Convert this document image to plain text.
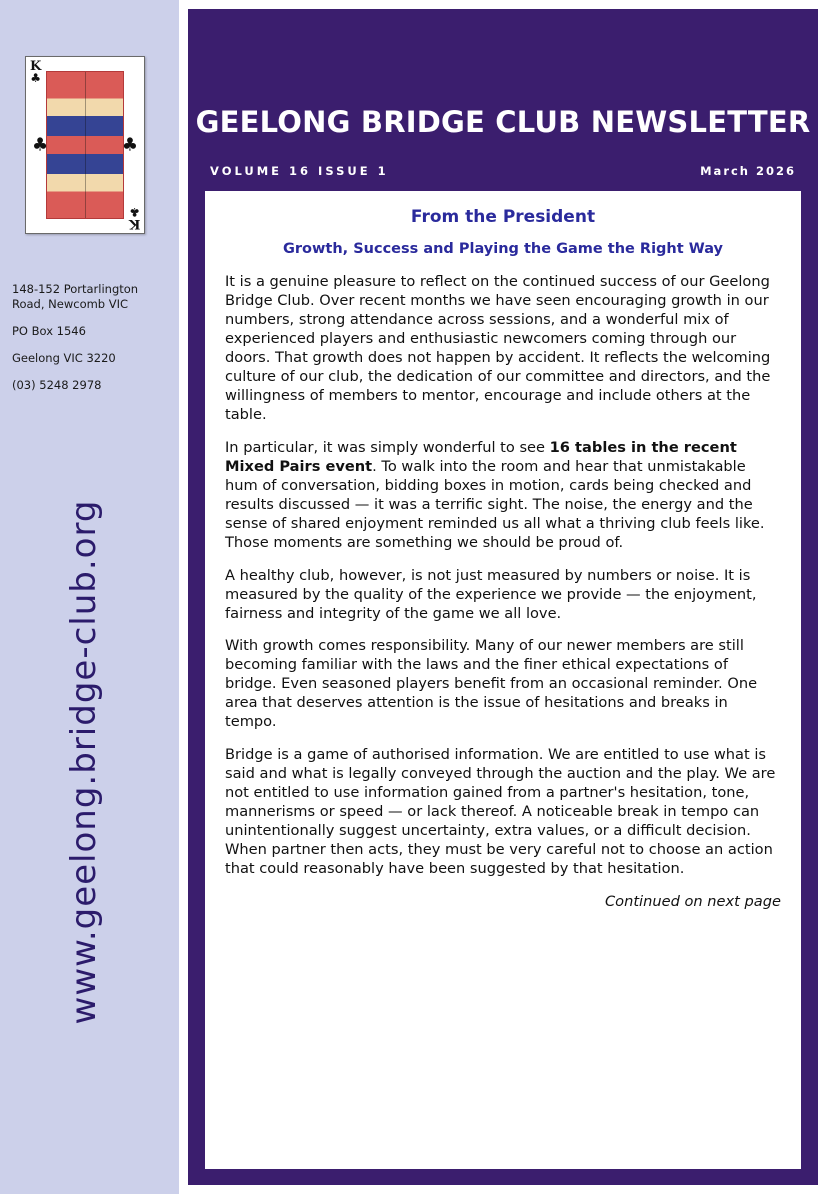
K
♣
♣	♣
K
♣

148-152 Portarlington Road, Newcomb VIC

PO Box 1546

Geelong VIC 3220

(03) 5248 2978

www.geelong.bridge-club.org
GEELONG BRIDGE CLUB NEWSLETTER
VOLUME 16 ISSUE 1	March 2026
From the President
Growth, Success and Playing the Game the Right Way

It is a genuine pleasure to reflect on the continued success of our Geelong Bridge Club. Over recent months we have seen encouraging growth in our numbers, strong attendance across sessions, and a wonderful mix of experienced players and enthusiastic newcomers coming through our doors. That growth does not happen by accident. It reflects the welcoming culture of our club, the dedication of our committee and directors, and the willingness of members to mentor, encourage and include others at the table.

In particular, it was simply wonderful to see 16 tables in the recent Mixed Pairs event. To walk into the room and hear that unmistakable hum of conversation, bidding boxes in motion, cards being checked and results discussed — it was a terrific sight. The noise, the energy and the sense of shared enjoyment reminded us all what a thriving club feels like. Those moments are something we should be proud of.

A healthy club, however, is not just measured by numbers or noise. It is measured by the quality of the experience we provide — the enjoyment, fairness and integrity of the game we all love.

With growth comes responsibility. Many of our newer members are still becoming familiar with the laws and the finer ethical expectations of bridge. Even seasoned players benefit from an occasional reminder. One area that deserves attention is the issue of hesitations and breaks in tempo.

Bridge is a game of authorised information. We are entitled to use what is said and what is legally conveyed through the auction and the play. We are not entitled to use information gained from a partner's hesitation, tone, mannerisms or speed — or lack thereof. A noticeable break in tempo can unintentionally suggest uncertainty, extra values, or a difficult decision. When partner then acts, they must be very careful not to choose an action that could reasonably have been suggested by that hesitation.

Continued on next page
